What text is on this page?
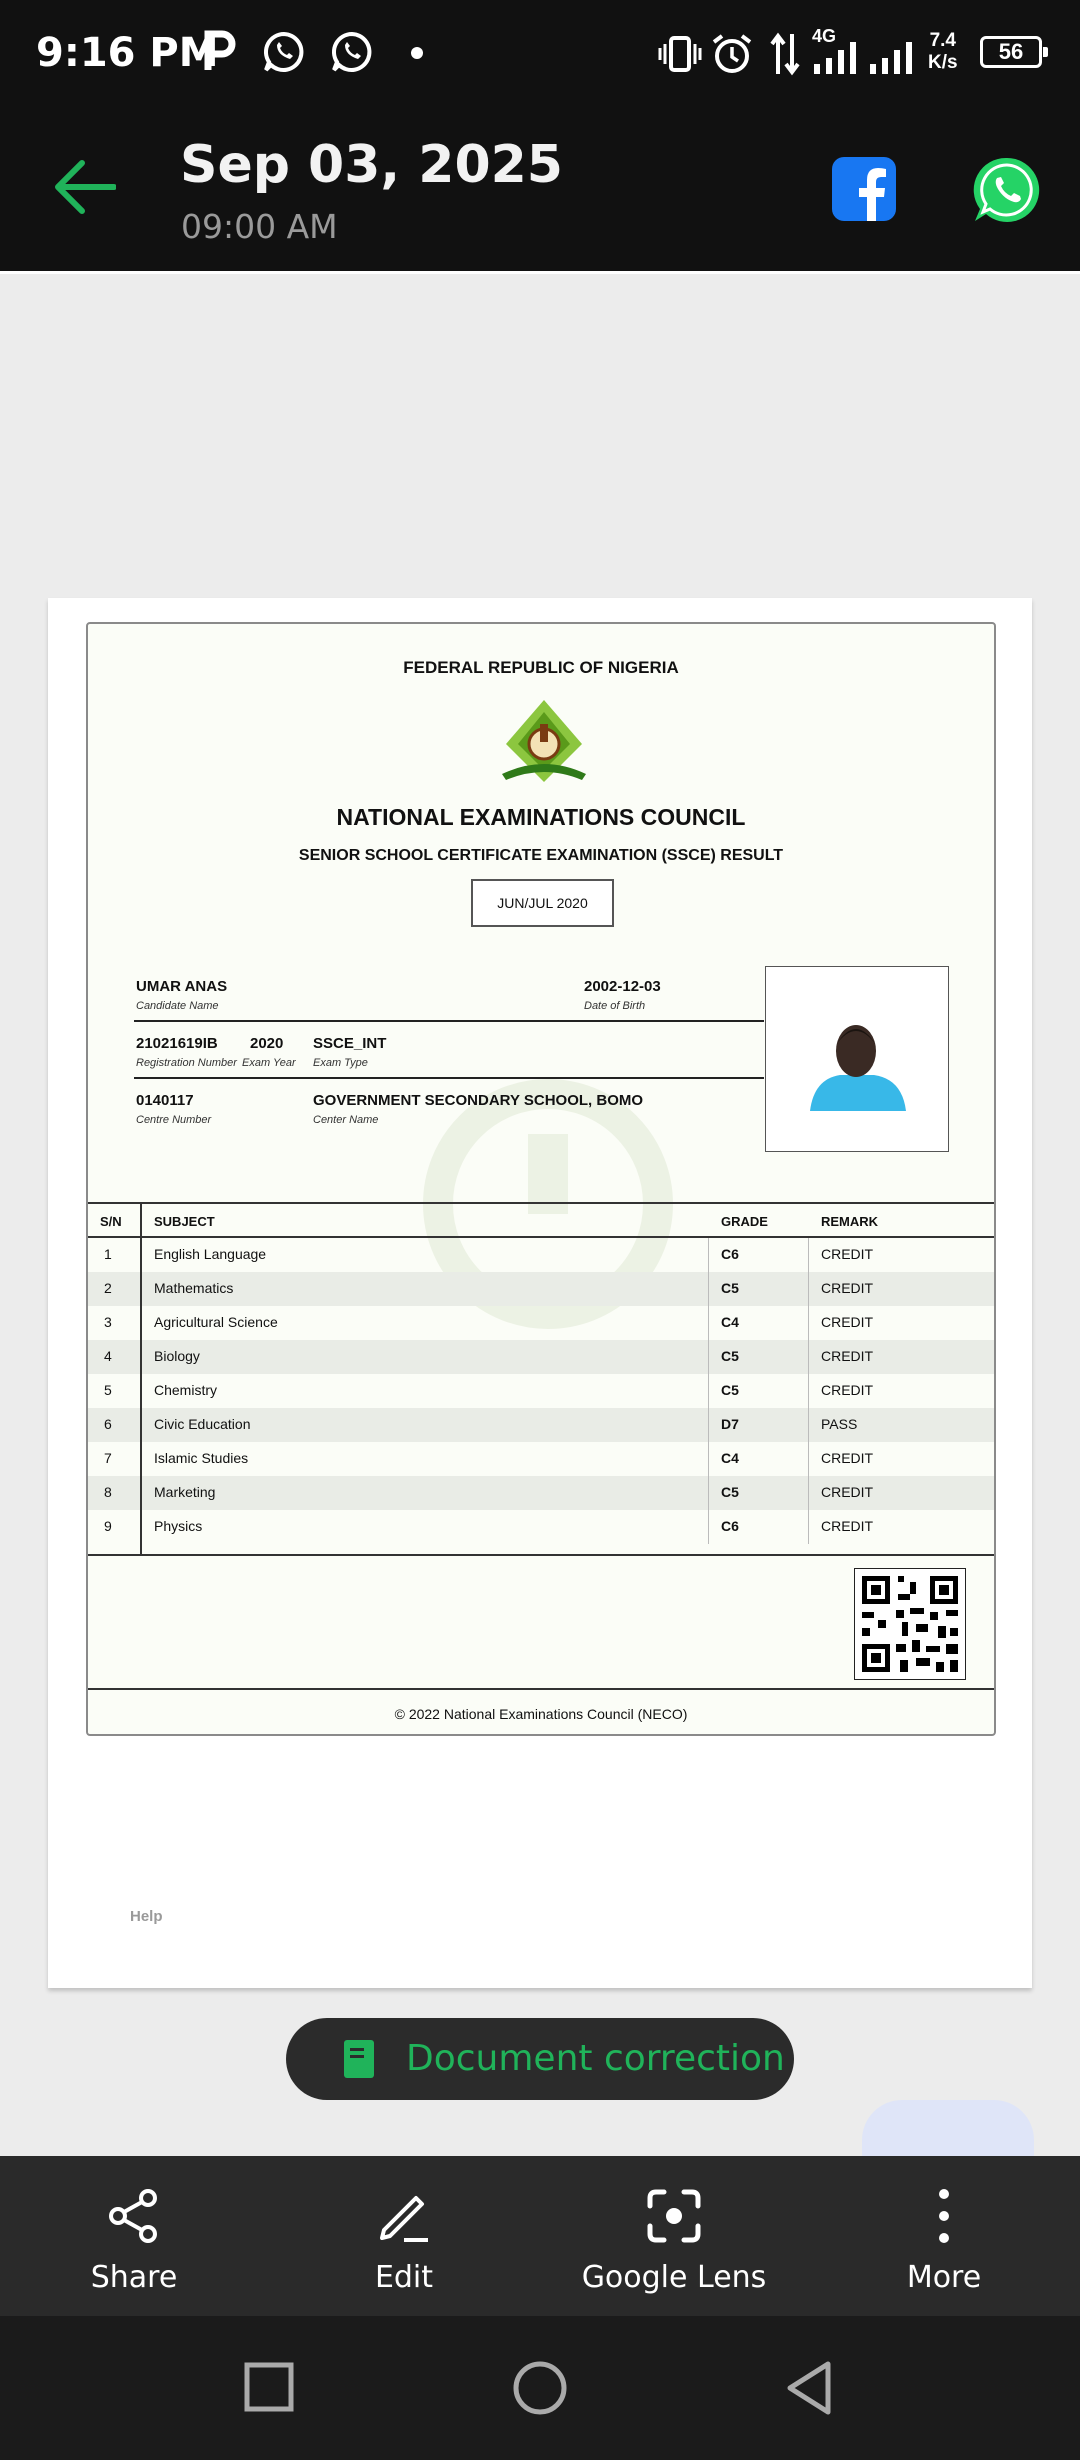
9:16 PM	4G	7.4
K/s	56
Sep 03, 2025
09:00 AM
FEDERAL REPUBLIC OF NIGERIA
NATIONAL EXAMINATIONS COUNCIL
SENIOR SCHOOL CERTIFICATE EXAMINATION (SSCE) RESULT
JUN/JUL 2020
UMAR ANAS
Candidate Name
2002-12-03
Date of Birth
21021619IB 2020 SSCE_INT
Registration Number Exam Year Exam Type
0140117
Centre Number
GOVERNMENT SECONDARY SCHOOL, BOMO
Center Name
S/N SUBJECT	GRADE	REMARK
1	English Language	C6	CREDIT
2	Mathematics	C5	CREDIT
3	Agricultural Science	C4	CREDIT
4	Biology	C5	CREDIT
5	Chemistry	C5	CREDIT
6	Civic Education	D7	PASS
7	Islamic Studies	C4	CREDIT
8	Marketing	C5	CREDIT
9	Physics	C6	CREDIT
© 2022 National Examinations Council (NECO)
Help
Document correction
Share	Edit	Google Lens	More
